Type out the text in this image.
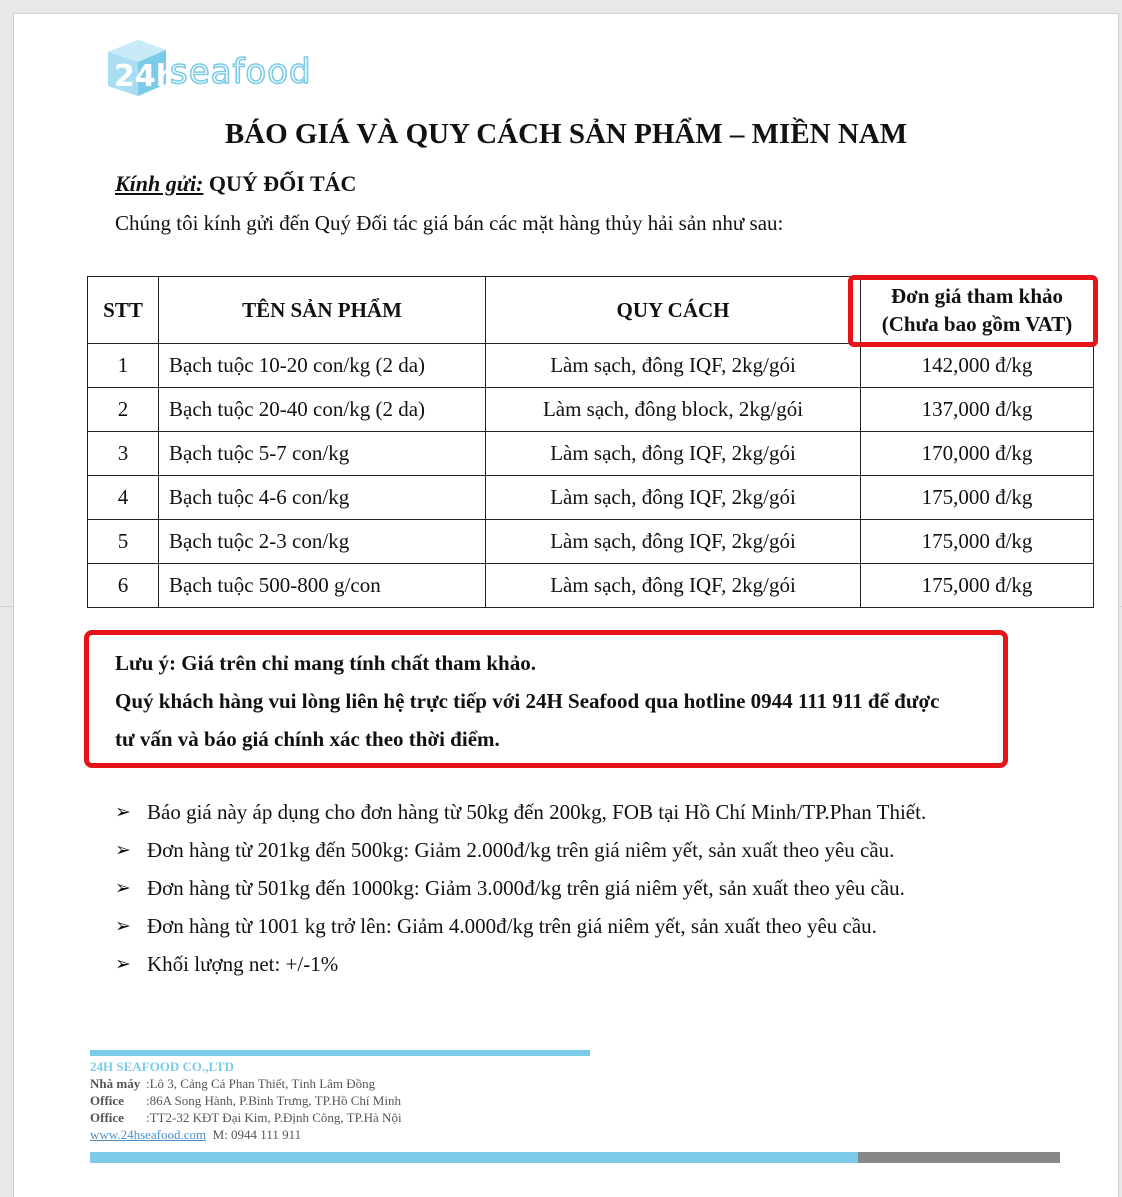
24h
seafood
BÁO GIÁ VÀ QUY CÁCH SẢN PHẨM – MIỀN NAM
Kính gửi: QUÝ ĐỐI TÁC
Chúng tôi kính gửi đến Quý Đối tác giá bán các mặt hàng thủy hải sản như sau:
STT	TÊN SẢN PHẨM	QUY CÁCH	Đơn giá tham khảo
(Chưa bao gồm VAT)

1	Bạch tuộc 10-20 con/kg (2 da)	Làm sạch, đông IQF, 2kg/gói	142,000 đ/kg
2	Bạch tuộc 20-40 con/kg (2 da)	Làm sạch, đông block, 2kg/gói	137,000 đ/kg
3	Bạch tuộc 5-7 con/kg	Làm sạch, đông IQF, 2kg/gói	170,000 đ/kg
4	Bạch tuộc 4-6 con/kg	Làm sạch, đông IQF, 2kg/gói	175,000 đ/kg
5	Bạch tuộc 2-3 con/kg	Làm sạch, đông IQF, 2kg/gói	175,000 đ/kg
6	Bạch tuộc 500-800 g/con	Làm sạch, đông IQF, 2kg/gói	175,000 đ/kg
Lưu ý: Giá trên chỉ mang tính chất tham khảo.
Quý khách hàng vui lòng liên hệ trực tiếp với 24H Seafood qua hotline 0944 111 911 để được
tư vấn và báo giá chính xác theo thời điểm.
➢ Báo giá này áp dụng cho đơn hàng từ 50kg đến 200kg, FOB tại Hồ Chí Minh/TP.Phan Thiết.
➢ Đơn hàng từ 201kg đến 500kg: Giảm 2.000đ/kg trên giá niêm yết, sản xuất theo yêu cầu.
➢ Đơn hàng từ 501kg đến 1000kg: Giảm 3.000đ/kg trên giá niêm yết, sản xuất theo yêu cầu.
➢ Đơn hàng từ 1001 kg trở lên: Giảm 4.000đ/kg trên giá niêm yết, sản xuất theo yêu cầu.
➢ Khối lượng net: +/-1%
24H SEAFOOD CO.,LTD
Nhà máy :Lô 3, Cảng Cá Phan Thiết, Tỉnh Lâm Đồng
Office :86A Song Hành, P.Bình Trưng, TP.Hồ Chí Minh
Office :TT2-32 KĐT Đại Kim, P.Định Công, TP.Hà Nội
www.24hseafood.com M: 0944 111 911
